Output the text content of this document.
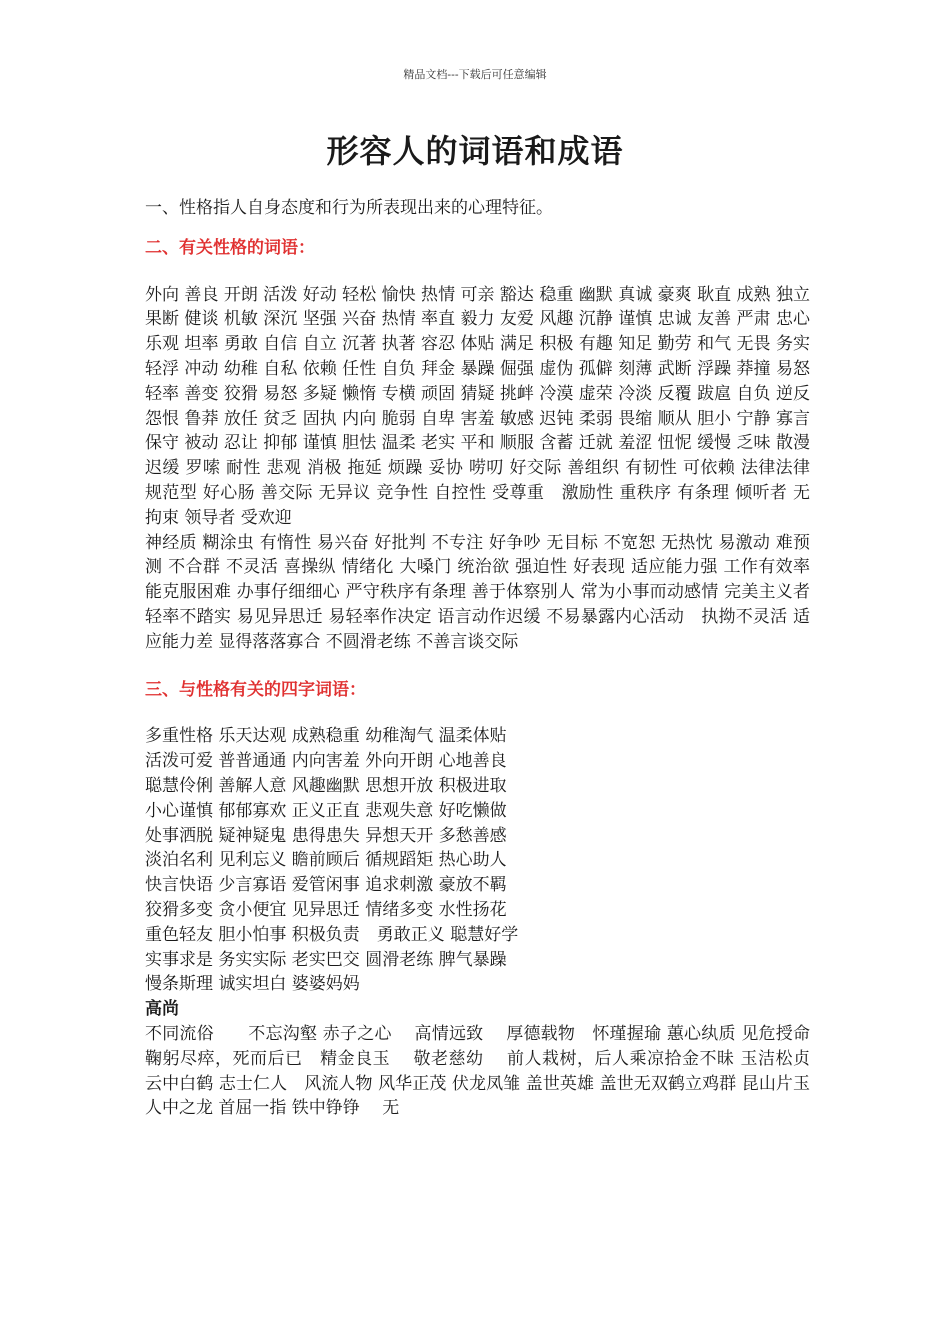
精品文档---下载后可任意编辑
形容人的词语和成语

一、性格指人自身态度和行为所表现出来的心理特征。

二、有关性格的词语：

外向 善良 开朗 活泼 好动 轻松 愉快 热情 可亲 豁达 稳重 幽默 真诚 豪爽 耿直 成熟 独立 果断 健谈 机敏 深沉 坚强 兴奋 热情 率直 毅力 友爱 风趣 沉静 谨慎 忠诚 友善 严肃 忠心 乐观 坦率 勇敢 自信 自立 沉著 执著 容忍 体贴 满足 积极 有趣 知足 勤劳 和气 无畏 务实 轻浮 冲动 幼稚 自私 依赖 任性 自负 拜金 暴躁 倔强 虚伪 孤僻 刻薄 武断 浮躁 莽撞 易怒 轻率 善变 狡猾 易怒 多疑 懒惰 专横 顽固 猜疑 挑衅 冷漠 虚荣 冷淡 反覆 跋扈 自负 逆反 怨恨 鲁莽 放任 贫乏 固执 内向 脆弱 自卑 害羞 敏感 迟钝 柔弱 畏缩 顺从 胆小 宁静 寡言 保守 被动 忍让 抑郁 谨慎 胆怯 温柔 老实 平和 顺服 含蓄 迁就 羞涩 忸怩 缓慢 乏味 散漫 迟缓 罗嗦 耐性 悲观 消极 拖延 烦躁 妥协 唠叨 好交际 善组织 有韧性 可依赖 法律法律规范型 好心肠 善交际 无异议 竞争性 自控性 受尊重　激励性 重秩序 有条理 倾听者 无拘束 领导者 受欢迎

神经质 糊涂虫 有惰性 易兴奋 好批判 不专注 好争吵 无目标 不宽恕 无热忱 易激动 难预测 不合群 不灵活 喜操纵 情绪化 大嗓门 统治欲 强迫性 好表现 适应能力强 工作有效率 能克服困难 办事仔细细心 严守秩序有条理 善于体察别人 常为小事而动感情 完美主义者 轻率不踏实 易见异思迁 易轻率作决定 语言动作迟缓 不易暴露内心活动　执拗不灵活 适应能力差 显得落落寡合 不圆滑老练 不善言谈交际

三、与性格有关的四字词语：

多重性格 乐天达观 成熟稳重 幼稚淘气 温柔体贴
活泼可爱 普普通通 内向害羞 外向开朗 心地善良
聪慧伶俐 善解人意 风趣幽默 思想开放 积极进取
小心谨慎 郁郁寡欢 正义正直 悲观失意 好吃懒做
处事洒脱 疑神疑鬼 患得患失 异想天开 多愁善感
淡泊名利 见利忘义 瞻前顾后 循规蹈矩 热心助人
快言快语 少言寡语 爱管闲事 追求刺激 豪放不羁
狡猾多变 贪小便宜 见异思迁 情绪多变 水性扬花
重色轻友 胆小怕事 积极负责　勇敢正义 聪慧好学
实事求是 务实实际 老实巴交 圆滑老练 脾气暴躁
慢条斯理 诚实坦白 婆婆妈妈

高尚

不同流俗　　不忘沟壑 赤子之心　 高情远致　 厚德载物　怀瑾握瑜 蕙心纨质 见危授命　　鞠躬尽瘁，死而后已　精金良玉　 敬老慈幼　 前人栽树，后人乘凉拾金不昧 玉洁松贞　 云中白鹤 志士仁人　风流人物 风华正茂 伏龙凤雏 盖世英雄 盖世无双鹤立鸡群 昆山片玉 人中之龙 首屈一指 铁中铮铮　 无
